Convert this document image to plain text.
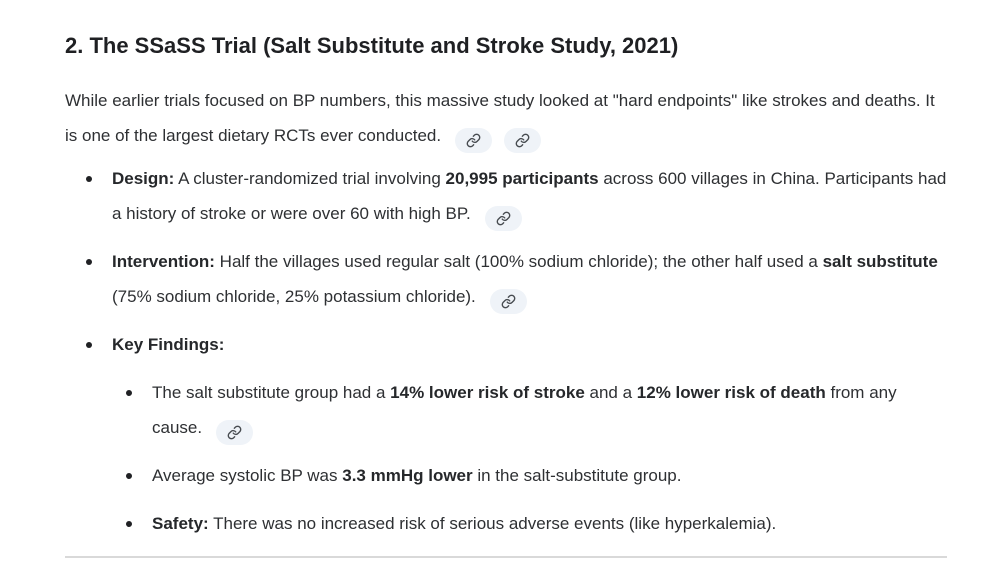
2. The SSaSS Trial (Salt Substitute and Stroke Study, 2021)

While earlier trials focused on BP numbers, this massive study looked at "hard endpoints" like strokes and deaths. It is one of the largest dietary RCTs ever conducted.

Design: A cluster-randomized trial involving 20,995 participants across 600 villages in China. Participants had a history of stroke or were over 60 with high BP.
Intervention: Half the villages used regular salt (100% sodium chloride); the other half used a salt substitute (75% sodium chloride, 25% potassium chloride).
Key Findings:
The salt substitute group had a 14% lower risk of stroke and a 12% lower risk of death from any cause.
Average systolic BP was 3.3 mmHg lower in the salt-substitute group.
Safety: There was no increased risk of serious adverse events (like hyperkalemia).
